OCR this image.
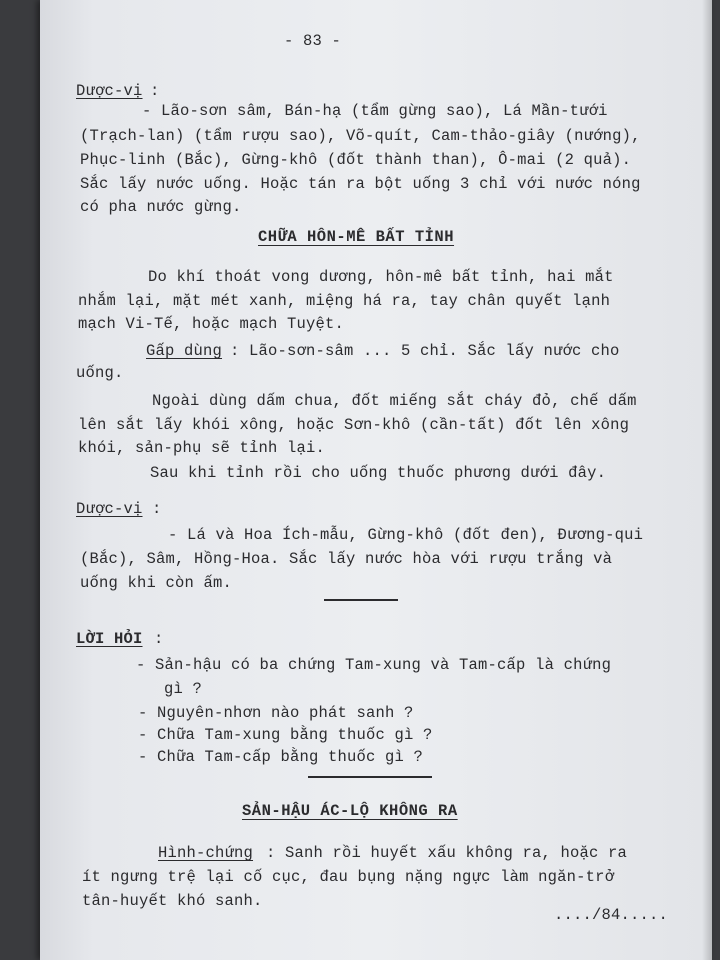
- 83 -
Dược-vị :
- Lão-sơn sâm, Bán-hạ (tẩm gừng sao), Lá Mần-tưới
(Trạch-lan) (tẩm rượu sao), Võ-quít, Cam-thảo-giây (nướng),
Phục-linh (Bắc), Gừng-khô (đốt thành than), Ô-mai (2 quả).
Sắc lấy nước uống. Hoặc tán ra bột uống 3 chỉ với nước nóng
có pha nước gừng.
CHỮA HÔN-MÊ BẤT TỈNH
Do khí thoát vong dương, hôn-mê bất tỉnh, hai mắt
nhắm lại, mặt mét xanh, miệng há ra, tay chân quyết lạnh
mạch Vi-Tế, hoặc mạch Tuyệt.
Gấp dùng : Lão-sơn-sâm ... 5 chỉ. Sắc lấy nước cho
uống.
Ngoài dùng dấm chua, đốt miếng sắt cháy đỏ, chế dấm
lên sắt lấy khói xông, hoặc Sơn-khô (cần-tất) đốt lên xông
khói, sản-phụ sẽ tỉnh lại.
Sau khi tỉnh rồi cho uống thuốc phương dưới đây.
Dược-vị :
- Lá và Hoa Ích-mẫu, Gừng-khô (đốt đen), Đương-qui
(Bắc), Sâm, Hồng-Hoa. Sắc lấy nước hòa với rượu trắng và
uống khi còn ấm.
LỜI HỎI :
- Sản-hậu có ba chứng Tam-xung và Tam-cấp là chứng
gì ?
- Nguyên-nhơn nào phát sanh ?
- Chữa Tam-xung bằng thuốc gì ?
- Chữa Tam-cấp bằng thuốc gì ?
SẢN-HẬU ÁC-LỘ KHÔNG RA
Hình-chứng : Sanh rồi huyết xấu không ra, hoặc ra
ít ngưng trệ lại cố cục, đau bụng nặng ngực làm ngăn-trở
tân-huyết khó sanh.
..../84.....
